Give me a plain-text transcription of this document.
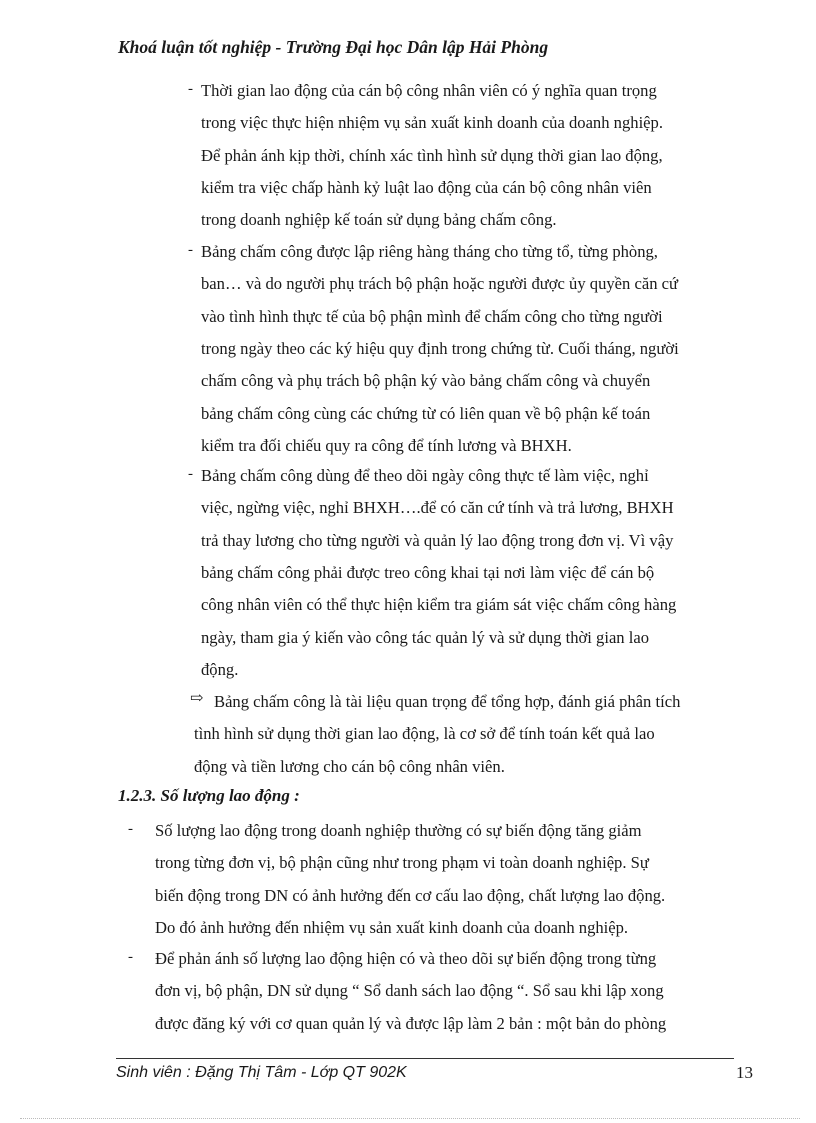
Khoá luận tốt nghiệp - Trường Đại học Dân lập Hải Phòng
- Thời gian lao động của cán bộ công nhân viên có ý nghĩa quan trọng
trong việc thực hiện nhiệm vụ sản xuất kinh doanh của doanh nghiệp.
Để phản ánh kịp thời, chính xác tình hình sử dụng thời gian lao động,
kiểm tra việc chấp hành kỷ luật lao động của cán bộ công nhân viên
trong doanh nghiệp kế toán sử dụng bảng chấm công.
- Bảng chấm công được lập riêng hàng tháng cho từng tổ, từng phòng,
ban… và do người phụ trách bộ phận hoặc người được ủy quyền căn cứ
vào tình hình thực tế của bộ phận mình để chấm công cho từng người
trong ngày theo các ký hiệu quy định trong chứng từ. Cuối tháng, người
chấm công và phụ trách bộ phận ký vào bảng chấm công và chuyển
bảng chấm công cùng các chứng từ có liên quan về bộ phận kế toán
kiểm tra đối chiếu quy ra công để tính lương và BHXH.
- Bảng chấm công dùng để theo dõi ngày công thực tế làm việc, nghỉ
việc, ngừng việc, nghỉ BHXH….để có căn cứ tính và trả lương, BHXH
trả thay lương cho từng người và quản lý lao động trong đơn vị. Vì vậy
bảng chấm công phải được treo công khai tại nơi làm việc để cán bộ
công nhân viên có thể thực hiện kiểm tra giám sát việc chấm công hàng
ngày, tham gia ý kiến vào công tác quản lý và sử dụng thời gian lao
động.
⇨ Bảng chấm công là tài liệu quan trọng để tổng hợp, đánh giá phân tích
tình hình sử dụng thời gian lao động, là cơ sở để tính toán kết quả lao
động và tiền lương cho cán bộ công nhân viên.
- Số lượng lao động trong doanh nghiệp thường có sự biến động tăng giảm
trong từng đơn vị, bộ phận cũng như trong phạm vi toàn doanh nghiệp. Sự
biến động trong DN có ảnh hưởng đến cơ cấu lao động, chất lượng lao động.
Do đó ảnh hưởng đến nhiệm vụ sản xuất kinh doanh của doanh nghiệp.
- Để phản ánh số lượng lao động hiện có và theo dõi sự biến động trong từng
đơn vị, bộ phận, DN sử dụng “ Sổ danh sách lao động “. Sổ sau khi lập xong
được đăng ký với cơ quan quản lý và được lập làm 2 bản : một bản do phòng
1.2.3. Số lượng lao động :
Sinh viên : Đặng Thị Tâm - Lớp QT 902K	13
